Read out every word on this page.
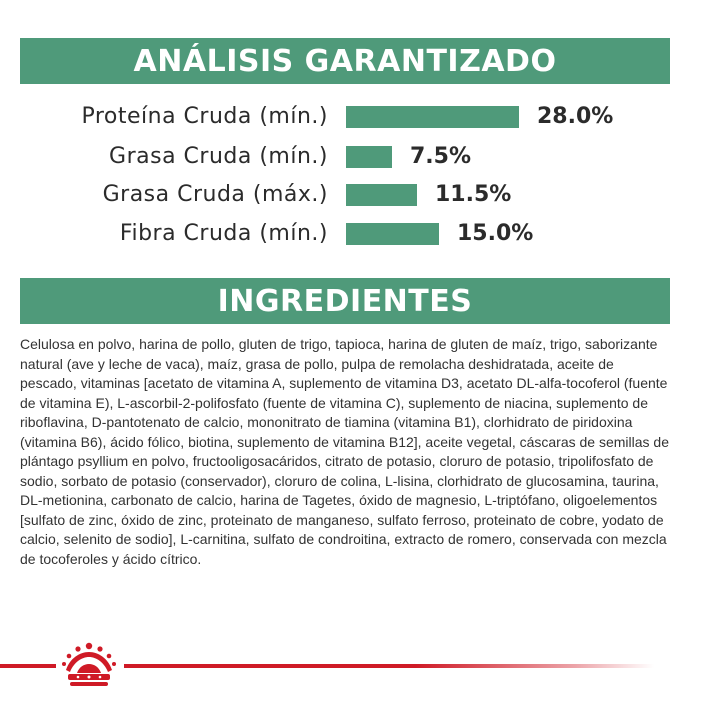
ANÁLISIS GARANTIZADO
Proteína Cruda (mín.)	28.0%
Grasa Cruda (mín.)	7.5%
Grasa Cruda (máx.)	11.5%
Fibra Cruda (mín.)	15.0%
INGREDIENTES

Celulosa en polvo, harina de pollo, gluten de trigo, tapioca, harina de gluten de maíz, trigo, saborizante natural (ave y leche de vaca), maíz, grasa de pollo, pulpa de remolacha deshidratada, aceite de pescado, vitaminas [acetato de vitamina A, suplemento de vitamina D3, acetato DL-alfa-tocoferol (fuente de vitamina E), L-ascorbil-2-polifosfato (fuente de vitamina C), suplemento de niacina, suplemento de riboflavina, D-pantotenato de calcio, mononitrato de tiamina (vitamina B1), clorhidrato de piridoxina (vitamina B6), ácido fólico, biotina, suplemento de vitamina B12], aceite vegetal, cáscaras de semillas de plántago psyllium en polvo, fructooligosacáridos, citrato de potasio, cloruro de potasio, tripolifosfato de sodio, sorbato de potasio (conservador), cloruro de colina, L-lisina, clorhidrato de glucosamina, taurina, DL-metionina, carbonato de calcio, harina de Tagetes, óxido de magnesio, L-triptófano, oligoelementos [sulfato de zinc, óxido de zinc, proteinato de manganeso, sulfato ferroso, proteinato de cobre, yodato de calcio, selenito de sodio], L-carnitina, sulfato de condroitina, extracto de romero, conservada con mezcla de tocoferoles y ácido cítrico.
